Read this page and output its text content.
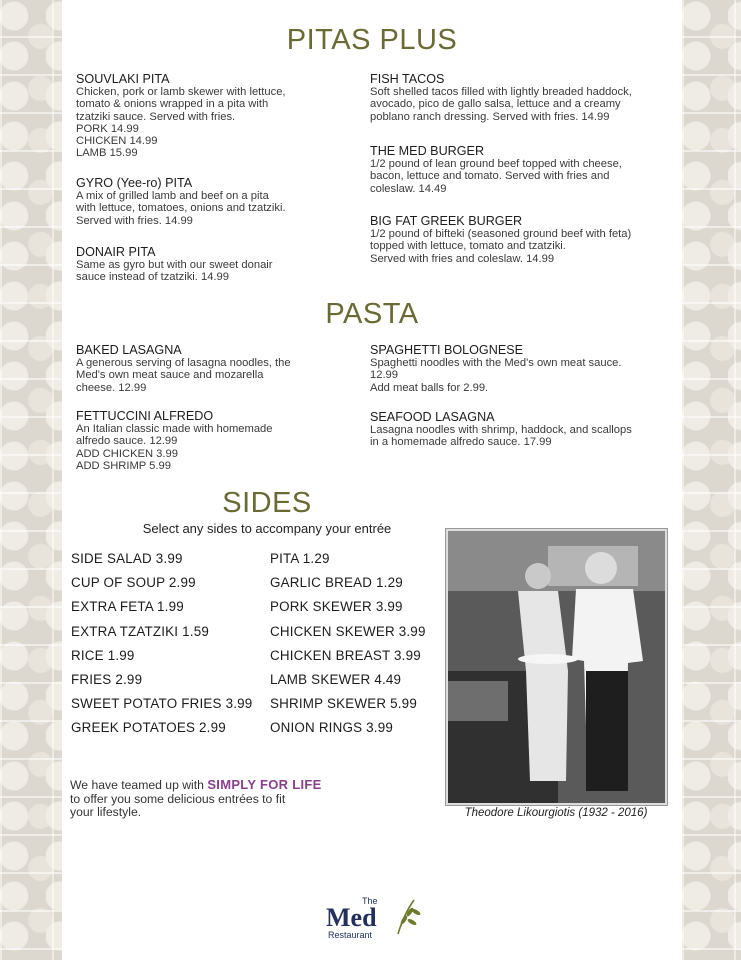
PITAS PLUS
SOUVLAKI PITA
Chicken, pork or lamb skewer with lettuce,
tomato & onions wrapped in a pita with
tzatziki sauce. Served with fries.
PORK 14.99
CHICKEN 14.99
LAMB 15.99
GYRO (Yee-ro) PITA
A mix of grilled lamb and beef on a pita
with lettuce, tomatoes, onions and tzatziki.
Served with fries. 14.99
DONAIR PITA
Same as gyro but with our sweet donair
sauce instead of tzatziki. 14.99
FISH TACOS
Soft shelled tacos filled with lightly breaded haddock,
avocado, pico de gallo salsa, lettuce and a creamy
poblano ranch dressing. Served with fries. 14.99
THE MED BURGER
1/2 pound of lean ground beef topped with cheese,
bacon, lettuce and tomato. Served with fries and
coleslaw. 14.49
BIG FAT GREEK BURGER
1/2 pound of bifteki (seasoned ground beef with feta)
topped with lettuce, tomato and tzatziki.
Served with fries and coleslaw. 14.99
PASTA
BAKED LASAGNA
A generous serving of lasagna noodles, the
Med's own meat sauce and mozarella
cheese. 12.99
FETTUCCINI ALFREDO
An Italian classic made with homemade
alfredo sauce. 12.99
ADD CHICKEN 3.99
ADD SHRIMP 5.99
SPAGHETTI BOLOGNESE
Spaghetti noodles with the Med's own meat sauce.
12.99
Add meat balls for 2.99.
SEAFOOD LASAGNA
Lasagna noodles with shrimp, haddock, and scallops
in a homemade alfredo sauce. 17.99
SIDES
Select any sides to accompany your entrée
SIDE SALAD 3.99
CUP OF SOUP 2.99
EXTRA FETA 1.99
EXTRA TZATZIKI 1.59
RICE 1.99
FRIES 2.99
SWEET POTATO FRIES 3.99
GREEK POTATOES 2.99
PITA 1.29
GARLIC BREAD 1.29
PORK SKEWER 3.99
CHICKEN SKEWER 3.99
CHICKEN BREAST 3.99
LAMB SKEWER 4.49
SHRIMP SKEWER 5.99
ONION RINGS 3.99
Theodore Likourgiotis (1932 - 2016)
We have teamed up with SIMPLY FOR LIFE
to offer you some delicious entrées to fit
your lifestyle.
The
Med
Restaurant
